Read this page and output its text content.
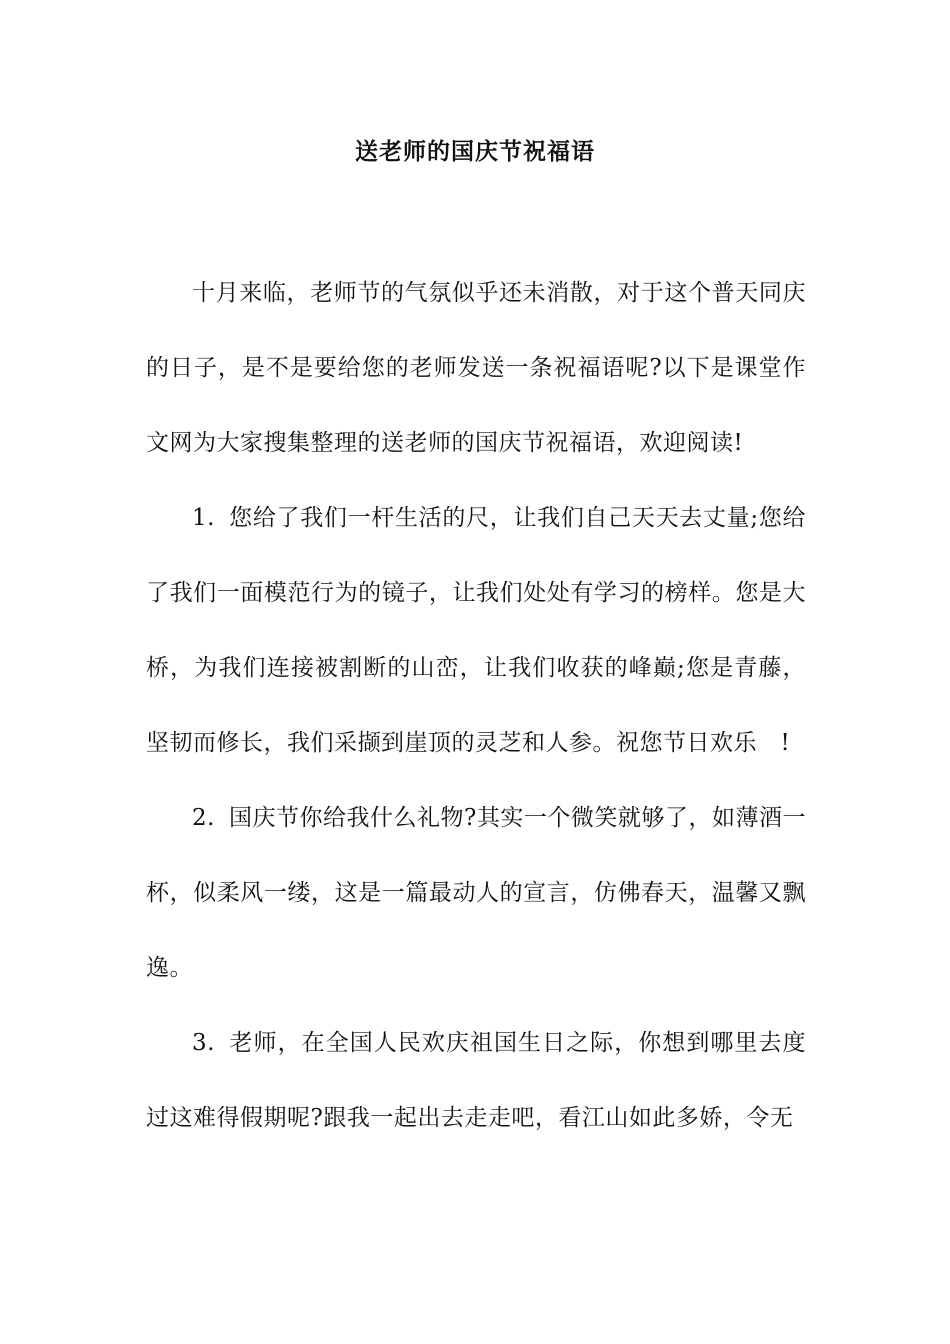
送老师的国庆节祝福语

十月来临，老师节的气氛似乎还未消散，对于这个普天同庆的日子，是不是要给您的老师发送一条祝福语呢?以下是课堂作文网为大家搜集整理的送老师的国庆节祝福语，欢迎阅读!

1. 您给了我们一杆生活的尺，让我们自己天天去丈量;您给了我们一面模范行为的镜子，让我们处处有学习的榜样。您是大桥，为我们连接被割断的山峦，让我们收获的峰巅;您是青藤，坚韧而修长，我们采撷到崖顶的灵芝和人参。祝您节日欢乐　!

2. 国庆节你给我什么礼物?其实一个微笑就够了，如薄酒一杯，似柔风一缕，这是一篇最动人的宣言，仿佛春天，温馨又飘逸。

3. 老师，在全国人民欢庆祖国生日之际，你想到哪里去度过这难得假期呢?跟我一起出去走走吧，看江山如此多娇，令无
